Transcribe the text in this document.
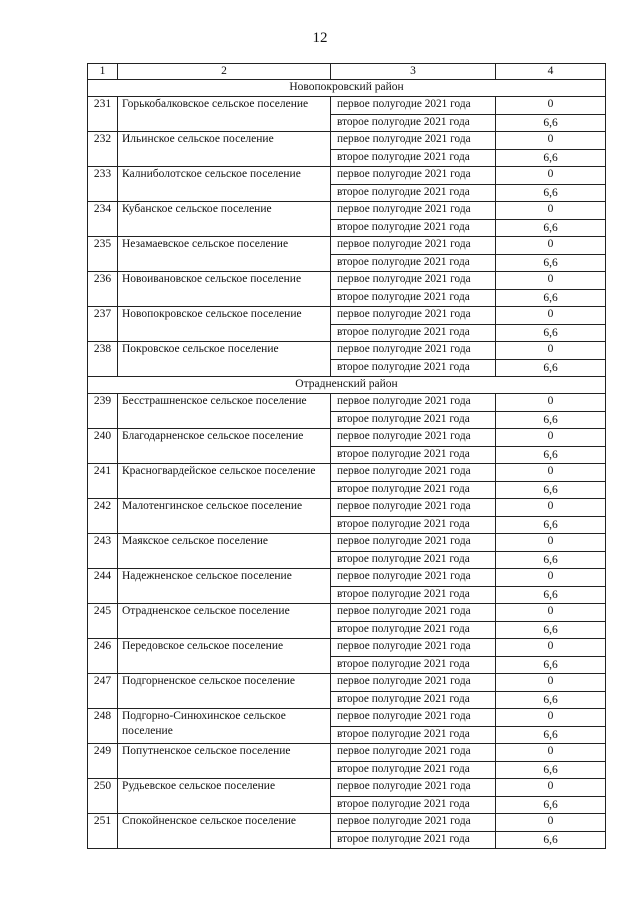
12
1	2	3	4
Новопокровский район			
231	Горькобалковское сельское поселение	первое полугодие 2021 года	0
		второе полугодие 2021 года	6,6
232	Ильинское сельское поселение	первое полугодие 2021 года	0
		второе полугодие 2021 года	6,6
233	Калниболотское сельское поселение	первое полугодие 2021 года	0
		второе полугодие 2021 года	6,6
234	Кубанское сельское поселение	первое полугодие 2021 года	0
		второе полугодие 2021 года	6,6
235	Незамаевское сельское поселение	первое полугодие 2021 года	0
		второе полугодие 2021 года	6,6
236	Новоивановское сельское поселение	первое полугодие 2021 года	0
		второе полугодие 2021 года	6,6
237	Новопокровское сельское поселение	первое полугодие 2021 года	0
		второе полугодие 2021 года	6,6
238	Покровское сельское поселение	первое полугодие 2021 года	0
		второе полугодие 2021 года	6,6
Отрадненский район			
239	Бесстрашненское сельское поселение	первое полугодие 2021 года	0
		второе полугодие 2021 года	6,6
240	Благодарненское сельское поселение	первое полугодие 2021 года	0
		второе полугодие 2021 года	6,6
241	Красногвардейское сельское поселение	первое полугодие 2021 года	0
		второе полугодие 2021 года	6,6
242	Малотенгинское сельское поселение	первое полугодие 2021 года	0
		второе полугодие 2021 года	6,6
243	Маякское сельское поселение	первое полугодие 2021 года	0
		второе полугодие 2021 года	6,6
244	Надежненское сельское поселение	первое полугодие 2021 года	0
		второе полугодие 2021 года	6,6
245	Отрадненское сельское поселение	первое полугодие 2021 года	0
		второе полугодие 2021 года	6,6
246	Передовское сельское поселение	первое полугодие 2021 года	0
		второе полугодие 2021 года	6,6
247	Подгорненское сельское поселение	первое полугодие 2021 года	0
		второе полугодие 2021 года	6,6
248	Подгорно-Синюхинское сельское поселение	первое полугодие 2021 года	0
		второе полугодие 2021 года	6,6
249	Попутненское сельское поселение	первое полугодие 2021 года	0
		второе полугодие 2021 года	6,6
250	Рудьевское сельское поселение	первое полугодие 2021 года	0
		второе полугодие 2021 года	6,6
251	Спокойненское сельское поселение	первое полугодие 2021 года	0
		второе полугодие 2021 года	6,6
